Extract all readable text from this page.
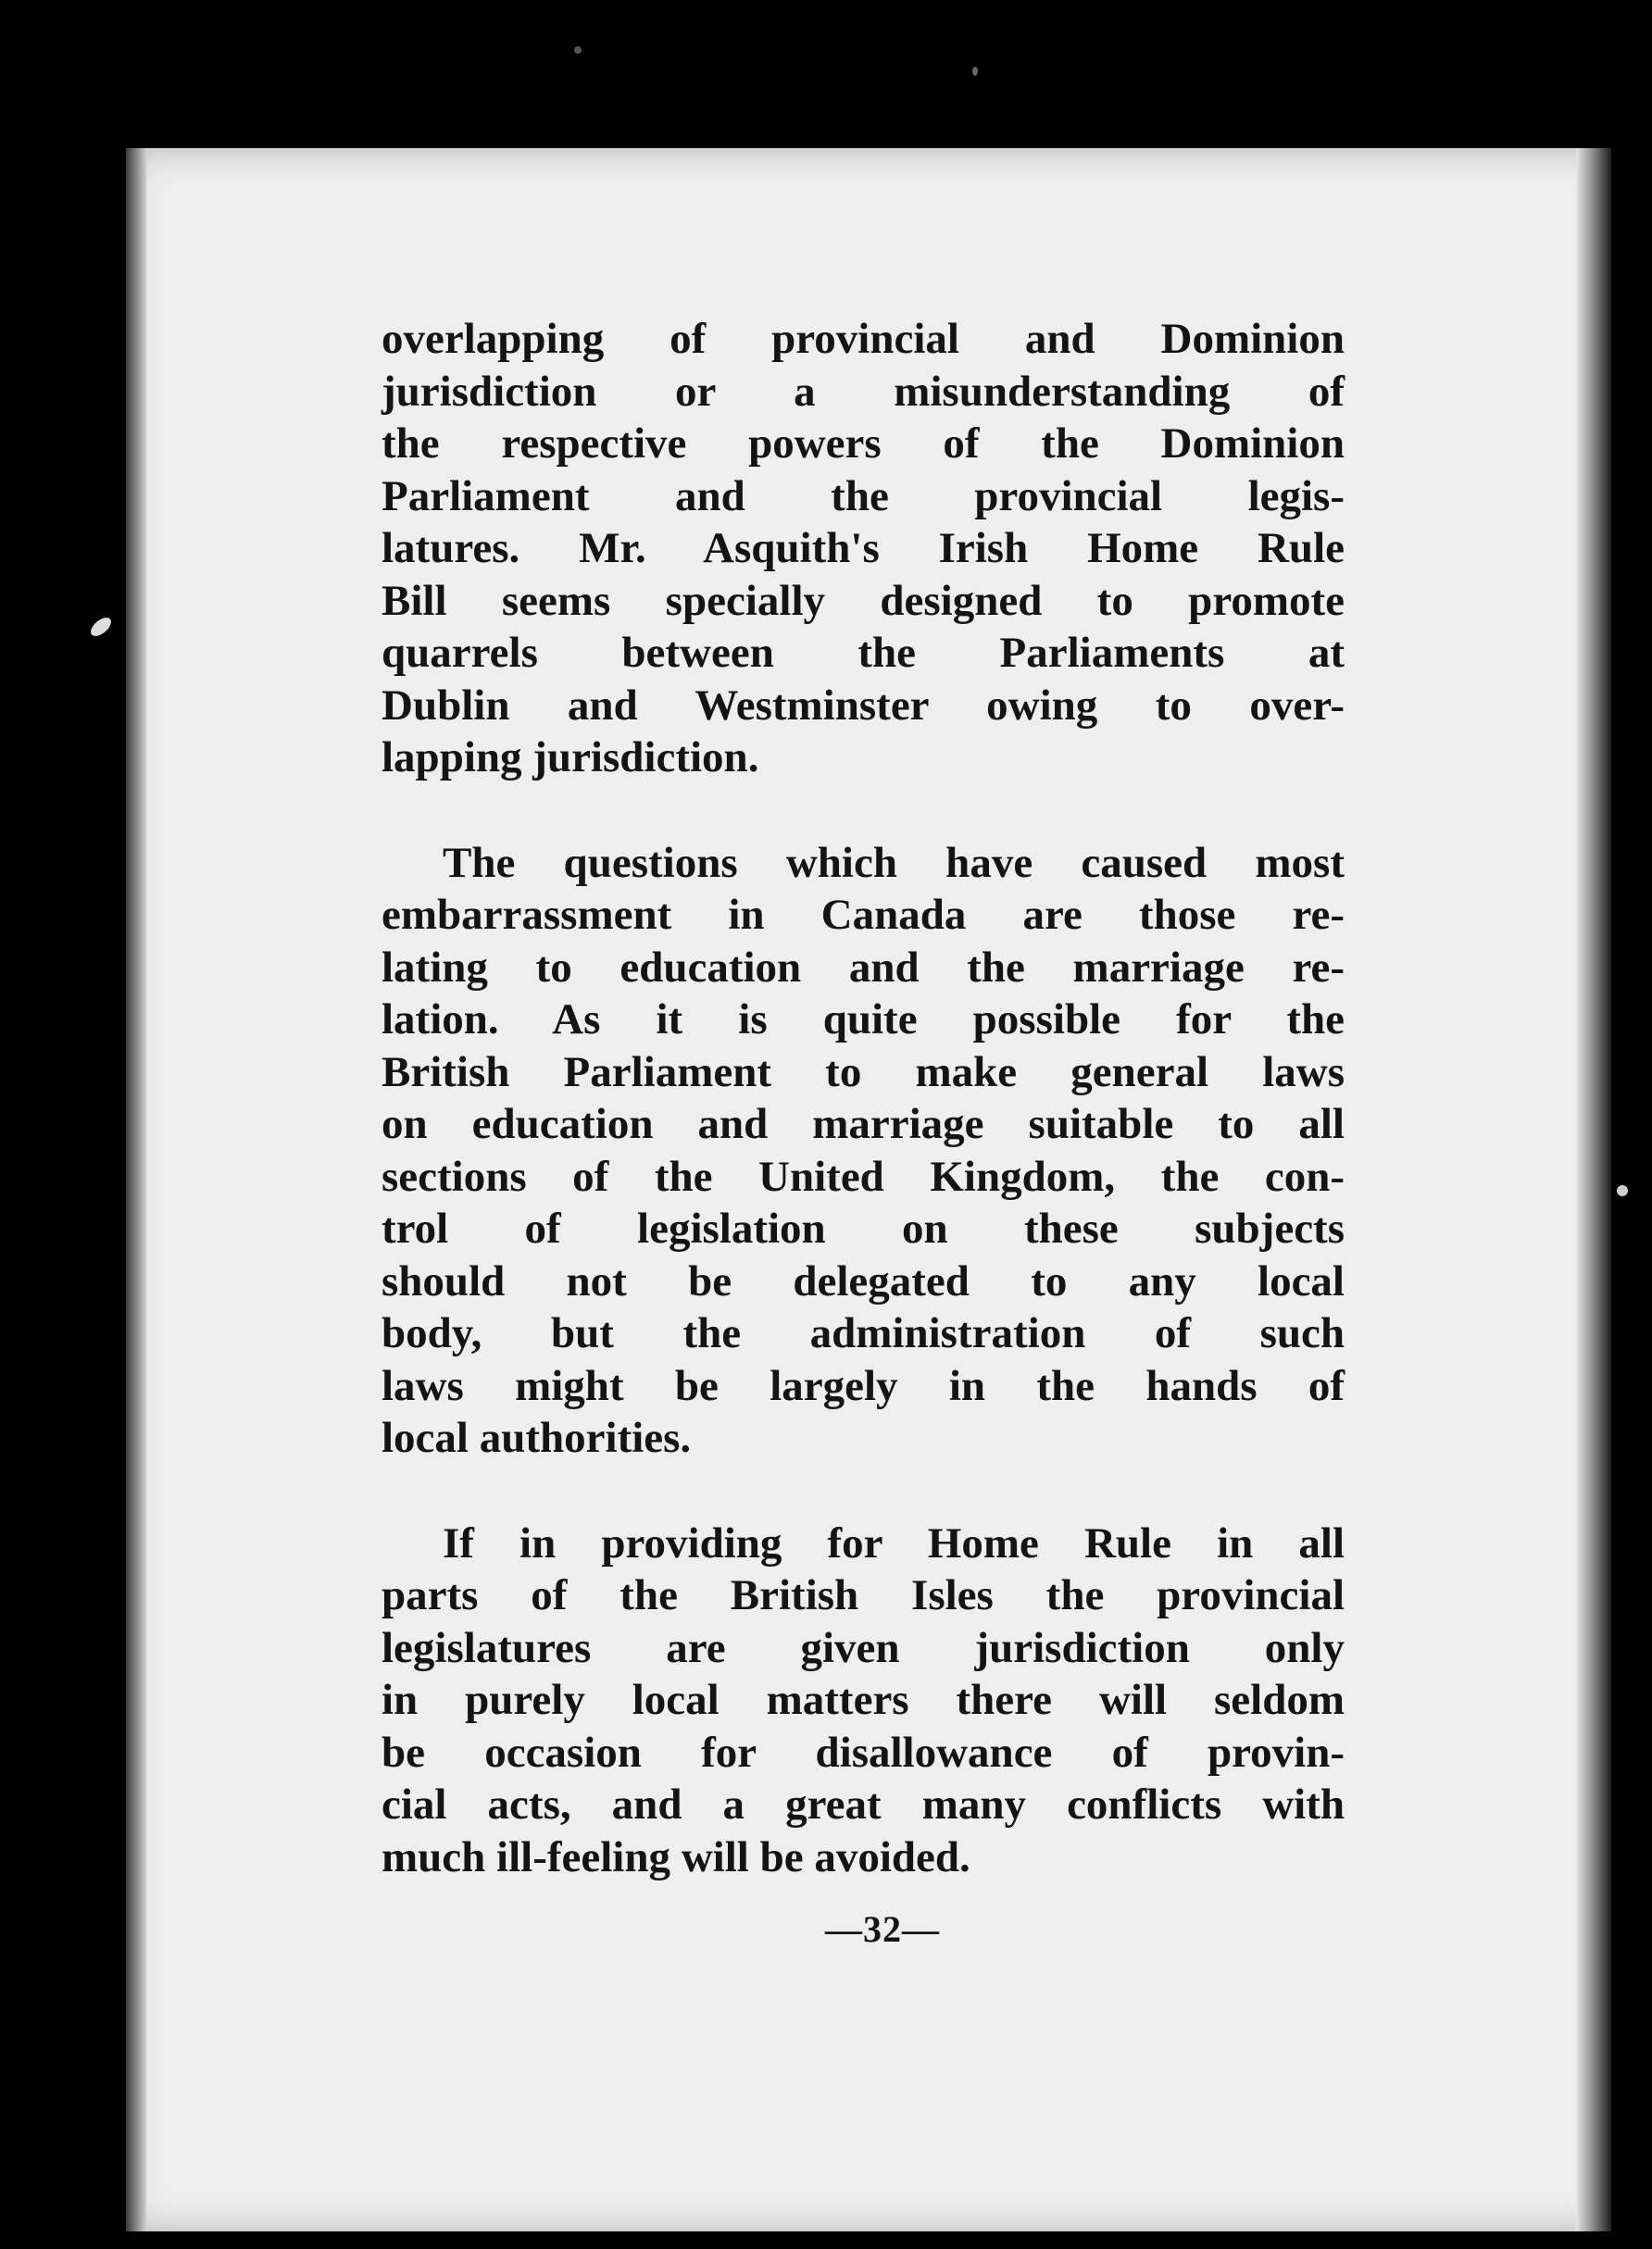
overlapping of provincial and Dominion
jurisdiction or a misunderstanding of
the respective powers of the Dominion
Parliament and the provincial legis-
latures. Mr. Asquith's Irish Home Rule
Bill seems specially designed to promote
quarrels between the Parliaments at
Dublin and Westminster owing to over-
lapping jurisdiction.
The questions which have caused most
embarrassment in Canada are those re-
lating to education and the marriage re-
lation. As it is quite possible for the
British Parliament to make general laws
on education and marriage suitable to all
sections of the United Kingdom, the con-
trol of legislation on these subjects
should not be delegated to any local
body, but the administration of such
laws might be largely in the hands of
local authorities.
If in providing for Home Rule in all
parts of the British Isles the provincial
legislatures are given jurisdiction only
in purely local matters there will seldom
be occasion for disallowance of provin-
cial acts, and a great many conflicts with
much ill-feeling will be avoided.
—32—
